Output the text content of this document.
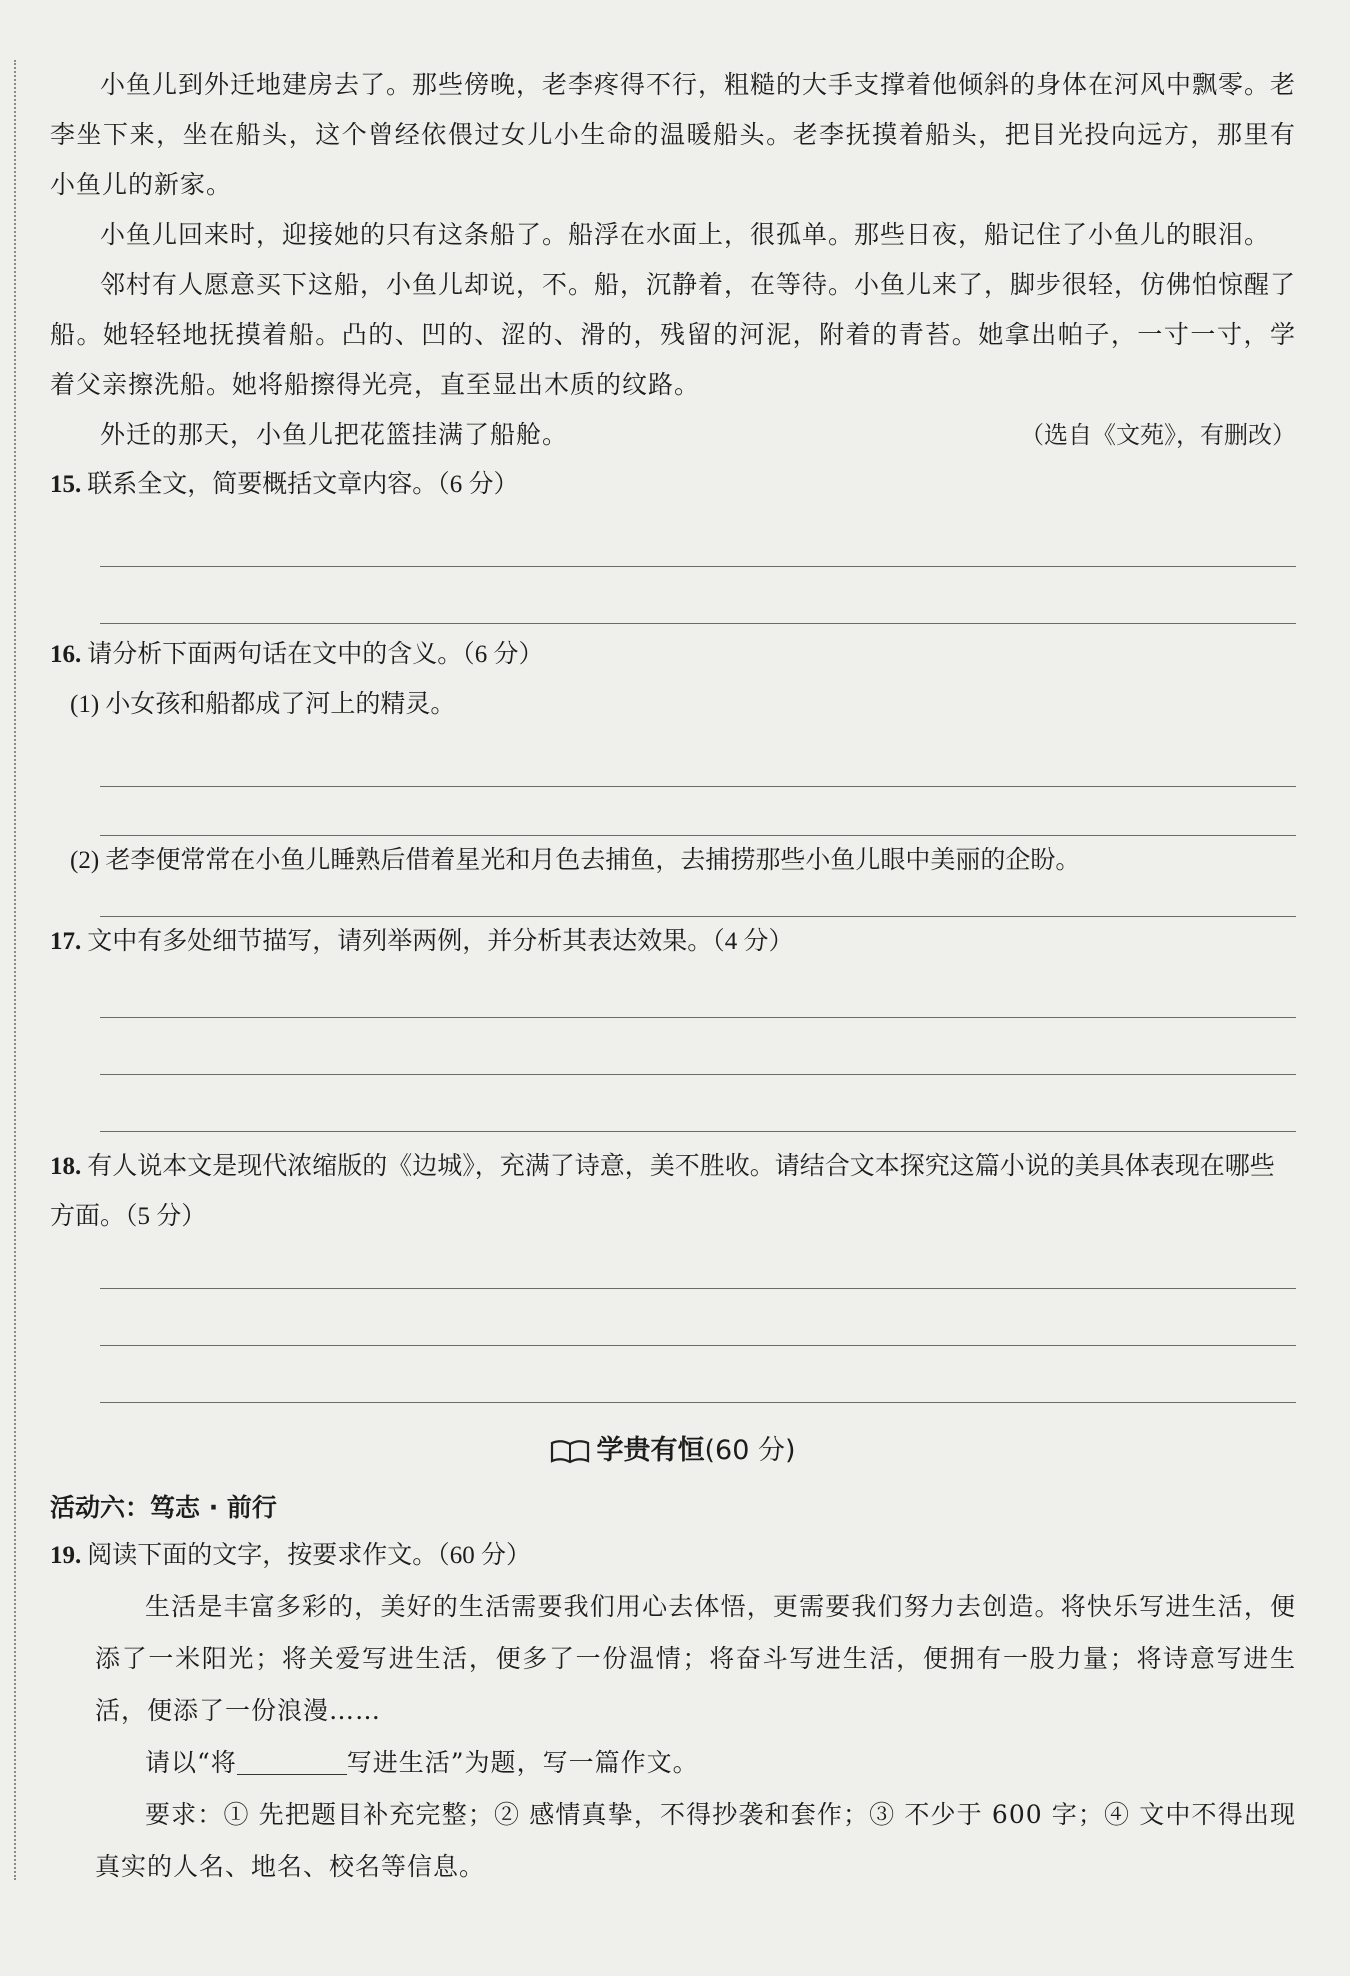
小鱼儿到外迁地建房去了。那些傍晚，老李疼得不行，粗糙的大手支撑着他倾斜的身体在河风中飘零。老李坐下来，坐在船头，这个曾经依偎过女儿小生命的温暖船头。老李抚摸着船头，把目光投向远方，那里有小鱼儿的新家。

小鱼儿回来时，迎接她的只有这条船了。船浮在水面上，很孤单。那些日夜，船记住了小鱼儿的眼泪。

邻村有人愿意买下这船，小鱼儿却说，不。船，沉静着，在等待。小鱼儿来了，脚步很轻，仿佛怕惊醒了船。她轻轻地抚摸着船。凸的、凹的、涩的、滑的，残留的河泥，附着的青苔。她拿出帕子，一寸一寸，学着父亲擦洗船。她将船擦得光亮，直至显出木质的纹路。

外迁的那天，小鱼儿把花篮挂满了船舱。	（选自《文苑》，有删改）

15. 联系全文，简要概括文章内容。（6 分）

16. 请分析下面两句话在文中的含义。（6 分）

(1) 小女孩和船都成了河上的精灵。

(2) 老李便常常在小鱼儿睡熟后借着星光和月色去捕鱼，去捕捞那些小鱼儿眼中美丽的企盼。

17. 文中有多处细节描写，请列举两例，并分析其表达效果。（4 分）

18. 有人说本文是现代浓缩版的《边城》，充满了诗意，美不胜收。请结合文本探究这篇小说的美具体表现在哪些方面。（5 分）

学贵有恒(60 分)

活动六：笃志 · 前行

19. 阅读下面的文字，按要求作文。（60 分）

生活是丰富多彩的，美好的生活需要我们用心去体悟，更需要我们努力去创造。将快乐写进生活，便添了一米阳光；将关爱写进生活，便多了一份温情；将奋斗写进生活，便拥有一股力量；将诗意写进生活，便添了一份浪漫……

请以“将	写进生活”为题，写一篇作文。

要求：① 先把题目补充完整；② 感情真挚，不得抄袭和套作；③ 不少于 600 字；④ 文中不得出现真实的人名、地名、校名等信息。
